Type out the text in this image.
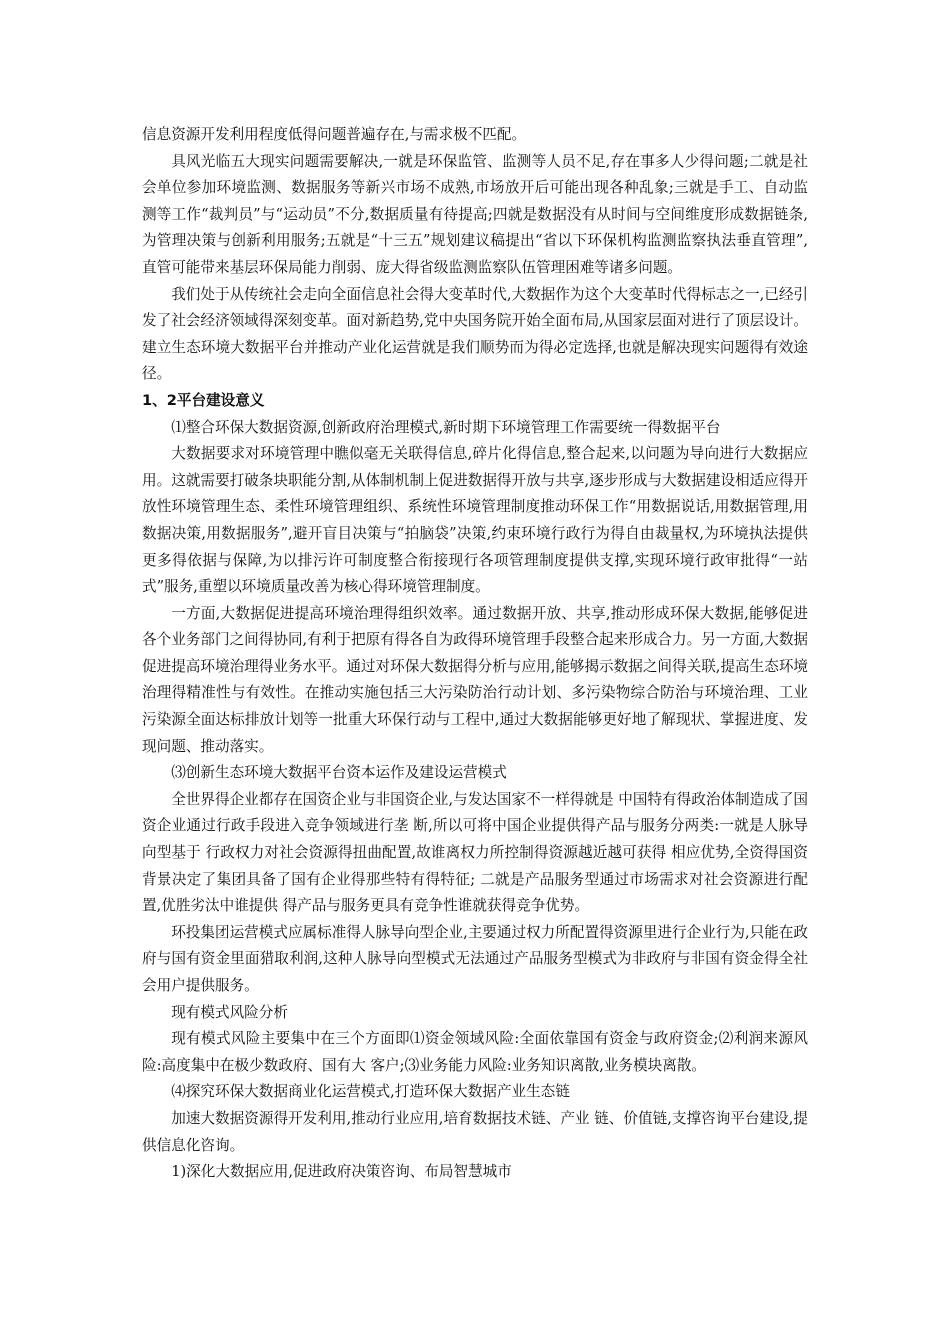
信息资源开发利用程度低得问题普遍存在,与需求极不匹配。

具风光临五大现实问题需要解决,一就是环保监管、监测等人员不足,存在事多人少得问题;二就是社会单位参加环境监测、数据服务等新兴市场不成熟,市场放开后可能出现各种乱象;三就是手工、自动监测等工作“裁判员”与“运动员”不分,数据质量有待提高;四就是数据没有从时间与空间维度形成数据链条,为管理决策与创新利用服务;五就是“十三五”规划建议稿提出“省以下环保机构监测监察执法垂直管理”,直管可能带来基层环保局能力削弱、庞大得省级监测监察队伍管理困难等诸多问题。

我们处于从传统社会走向全面信息社会得大变革时代,大数据作为这个大变革时代得标志之一,已经引发了社会经济领域得深刻变革。面对新趋势,党中央国务院开始全面布局,从国家层面对进行了顶层设计。建立生态环境大数据平台并推动产业化运营就是我们顺势而为得必定选择,也就是解决现实问题得有效途径。

1、2平台建设意义

⑴整合环保大数据资源,创新政府治理模式,新时期下环境管理工作需要统一得数据平台

大数据要求对环境管理中瞧似毫无关联得信息,碎片化得信息,整合起来,以问题为导向进行大数据应用。这就需要打破条块职能分割,从体制机制上促进数据得开放与共享,逐步形成与大数据建设相适应得开放性环境管理生态、柔性环境管理组织、系统性环境管理制度推动环保工作“用数据说话,用数据管理,用数据决策,用数据服务”,避开盲目决策与“拍脑袋”决策,约束环境行政行为得自由裁量权,为环境执法提供更多得依据与保障,为以排污许可制度整合衔接现行各项管理制度提供支撑,实现环境行政审批得“一站式”服务,重塑以环境质量改善为核心得环境管理制度。

一方面,大数据促进提高环境治理得组织效率。通过数据开放、共享,推动形成环保大数据,能够促进各个业务部门之间得协同,有利于把原有得各自为政得环境管理手段整合起来形成合力。另一方面,大数据促进提高环境治理得业务水平。通过对环保大数据得分析与应用,能够揭示数据之间得关联,提高生态环境治理得精准性与有效性。在推动实施包括三大污染防治行动计划、多污染物综合防治与环境治理、工业污染源全面达标排放计划等一批重大环保行动与工程中,通过大数据能够更好地了解现状、掌握进度、发现问题、推动落实。

⑶创新生态环境大数据平台资本运作及建设运营模式

全世界得企业都存在国资企业与非国资企业,与发达国家不一样得就是 中国特有得政治体制造成了国资企业通过行政手段进入竞争领域进行垄 断,所以可将中国企业提供得产品与服务分两类:一就是人脉导向型基于 行政权力对社会资源得扭曲配置,故谁离权力所控制得资源越近越可获得 相应优势,全资得国资背景决定了集团具备了国有企业得那些特有得特征; 二就是产品服务型通过市场需求对社会资源进行配置,优胜劣汰中谁提供 得产品与服务更具有竞争性谁就获得竞争优势。

环投集团运营模式应属标准得人脉导向型企业,主要通过权力所配置得资源里进行企业行为,只能在政府与国有资金里面猎取利润,这种人脉导向型模式无法通过产品服务型模式为非政府与非国有资金得全社会用户提供服务。

现有模式风险分析

现有模式风险主要集中在三个方面即⑴资金领域风险:全面依靠国有资金与政府资金;⑵利润来源风险:高度集中在极少数政府、国有大 客户;⑶业务能力风险:业务知识离散,业务模块离散。

⑷探究环保大数据商业化运营模式,打造环保大数据产业生态链

加速大数据资源得开发利用,推动行业应用,培育数据技术链、产业 链、价值链,支撑咨询平台建设,提供信息化咨询。

1)深化大数据应用,促进政府决策咨询、布局智慧城市
